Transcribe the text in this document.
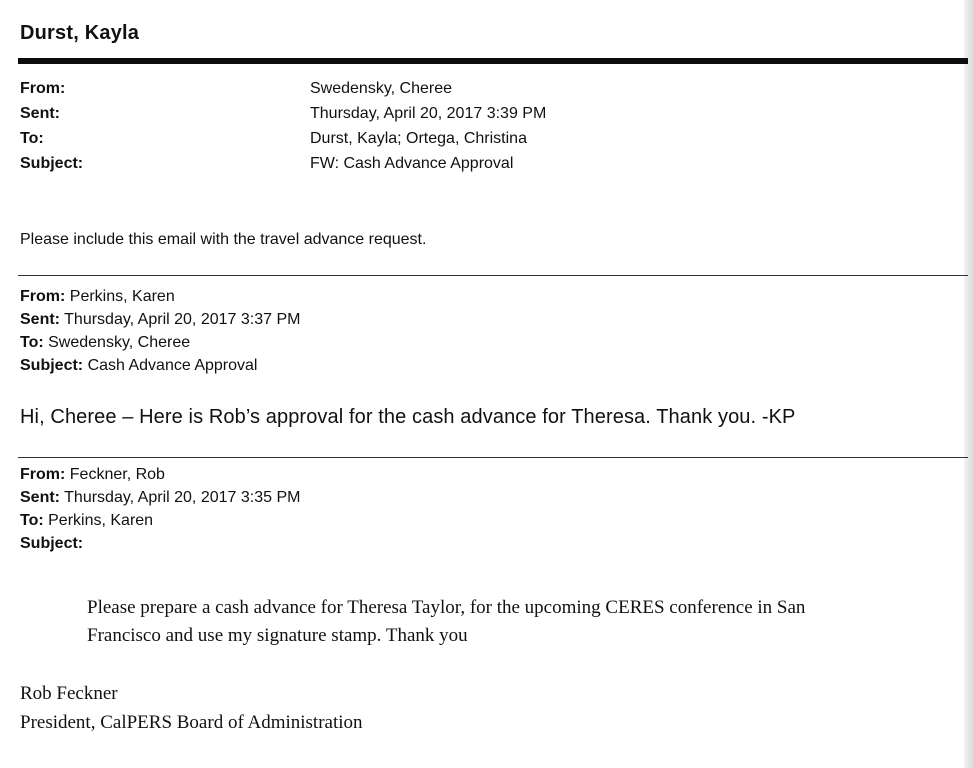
Durst, Kayla
From:	Swedensky, Cheree
Sent:	Thursday, April 20, 2017 3:39 PM
To:	Durst, Kayla; Ortega, Christina
Subject:	FW: Cash Advance Approval
Please include this email with the travel advance request.
From: Perkins, Karen
Sent: Thursday, April 20, 2017 3:37 PM
To: Swedensky, Cheree
Subject: Cash Advance Approval
Hi, Cheree – Here is Rob’s approval for the cash advance for Theresa. Thank you. -KP
From: Feckner, Rob
Sent: Thursday, April 20, 2017 3:35 PM
To: Perkins, Karen
Subject:
Please prepare a cash advance for Theresa Taylor, for the upcoming CERES conference in San
Francisco and use my signature stamp. Thank you
Rob Feckner
President, CalPERS Board of Administration
